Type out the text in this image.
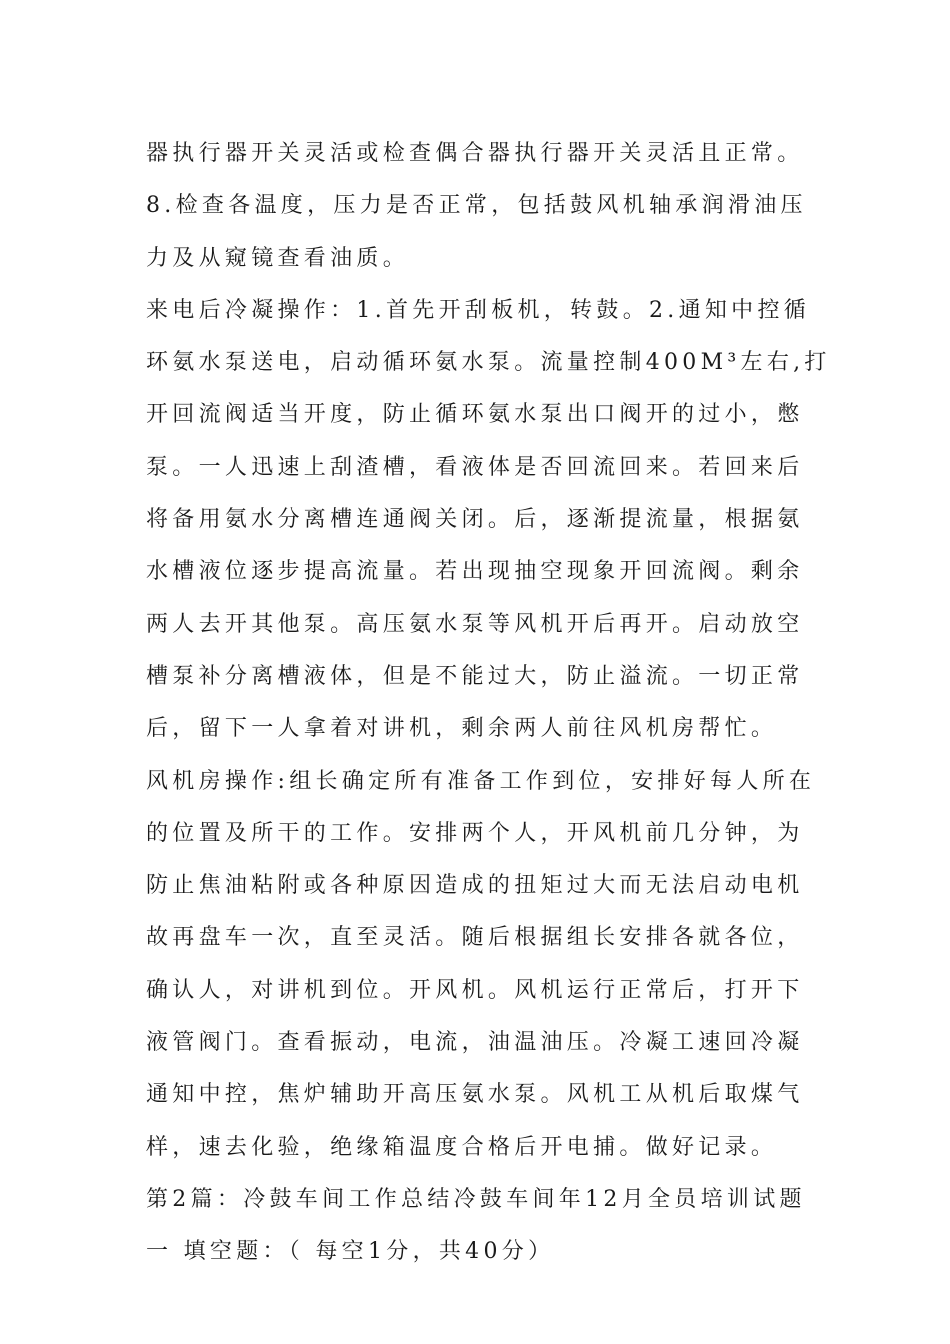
器执行器开关灵活或检查偶合器执行器开关灵活且正常。
8.检查各温度，压力是否正常，包括鼓风机轴承润滑油压
力及从窥镜查看油质。
来电后冷凝操作：1.首先开刮板机，转鼓。2.通知中控循
环氨水泵送电，启动循环氨水泵。流量控制400M³左右,打
开回流阀适当开度，防止循环氨水泵出口阀开的过小，憋
泵。一人迅速上刮渣槽，看液体是否回流回来。若回来后
将备用氨水分离槽连通阀关闭。后，逐渐提流量，根据氨
水槽液位逐步提高流量。若出现抽空现象开回流阀。剩余
两人去开其他泵。高压氨水泵等风机开后再开。启动放空
槽泵补分离槽液体，但是不能过大，防止溢流。一切正常
后，留下一人拿着对讲机，剩余两人前往风机房帮忙。
风机房操作:组长确定所有准备工作到位，安排好每人所在
的位置及所干的工作。安排两个人，开风机前几分钟，为
防止焦油粘附或各种原因造成的扭矩过大而无法启动电机
故再盘车一次，直至灵活。随后根据组长安排各就各位，
确认人，对讲机到位。开风机。风机运行正常后，打开下
液管阀门。查看振动，电流，油温油压。冷凝工速回冷凝
通知中控，焦炉辅助开高压氨水泵。风机工从机后取煤气
样，速去化验，绝缘箱温度合格后开电捕。做好记录。
第2篇：冷鼓车间工作总结冷鼓车间年12月全员培训试题
一 填空题：（ 每空1分，共40分）
